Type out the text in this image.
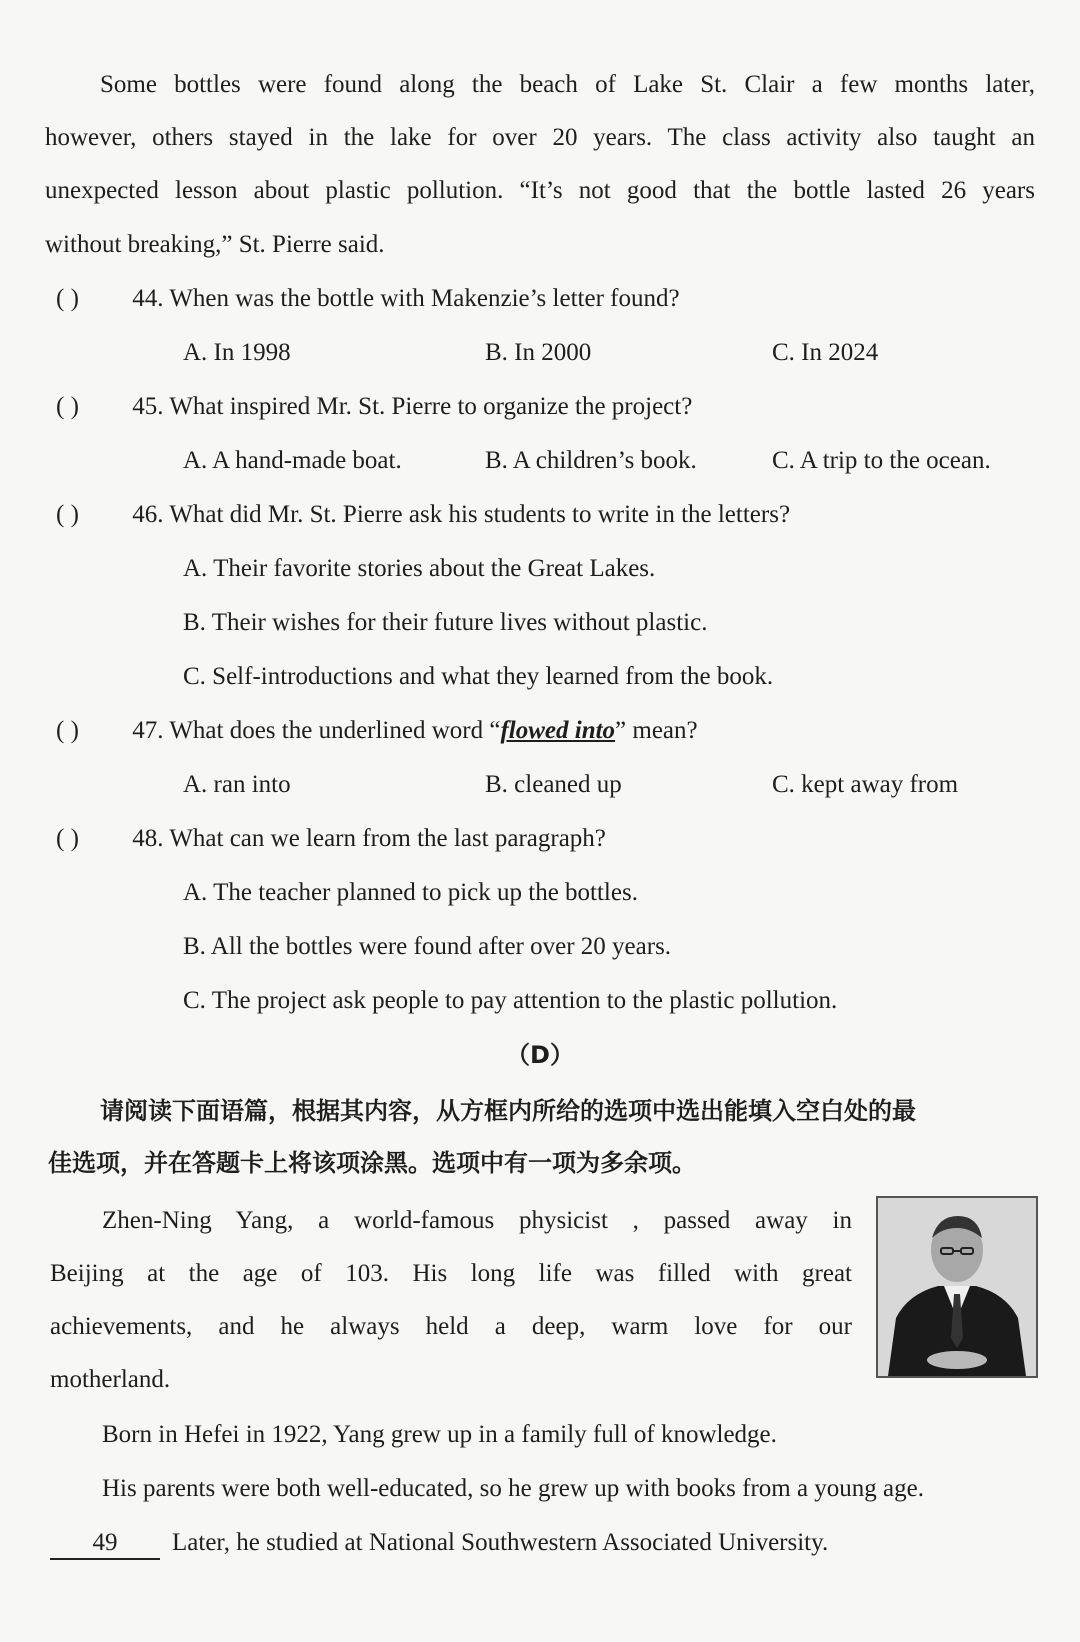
Some bottles were found along the beach of Lake St. Clair a few months later,
however, others stayed in the lake for over 20 years. The class activity also taught an
unexpected lesson about plastic pollution. “It’s not good that the bottle lasted 26 years
without breaking,” St. Pierre said.
( ) 44. When was the bottle with Makenzie’s letter found?
A. In 1998	B. In 2000	C. In 2024
( ) 45. What inspired Mr. St. Pierre to organize the project?
A. A hand-made boat.	B. A children’s book.	C. A trip to the ocean.
( ) 46. What did Mr. St. Pierre ask his students to write in the letters?
A. Their favorite stories about the Great Lakes.
B. Their wishes for their future lives without plastic.
C. Self-introductions and what they learned from the book.
( ) 47. What does the underlined word “flowed into” mean?
A. ran into	B. cleaned up	C. kept away from
( ) 48. What can we learn from the last paragraph?
A. The teacher planned to pick up the bottles.
B. All the bottles were found after over 20 years.
C. The project ask people to pay attention to the plastic pollution.
（D）
请阅读下面语篇，根据其内容，从方框内所给的选项中选出能填入空白处的最
佳选项，并在答题卡上将该项涂黑。选项中有一项为多余项。
Zhen-Ning Yang, a world-famous physicist , passed away in
Beijing at the age of 103. His long life was filled with great
achievements, and he always held a deep, warm love for our
motherland.
Born in Hefei in 1922, Yang grew up in a family full of knowledge.
His parents were both well-educated, so he grew up with books from a young age.
49 Later, he studied at National Southwestern Associated University.
